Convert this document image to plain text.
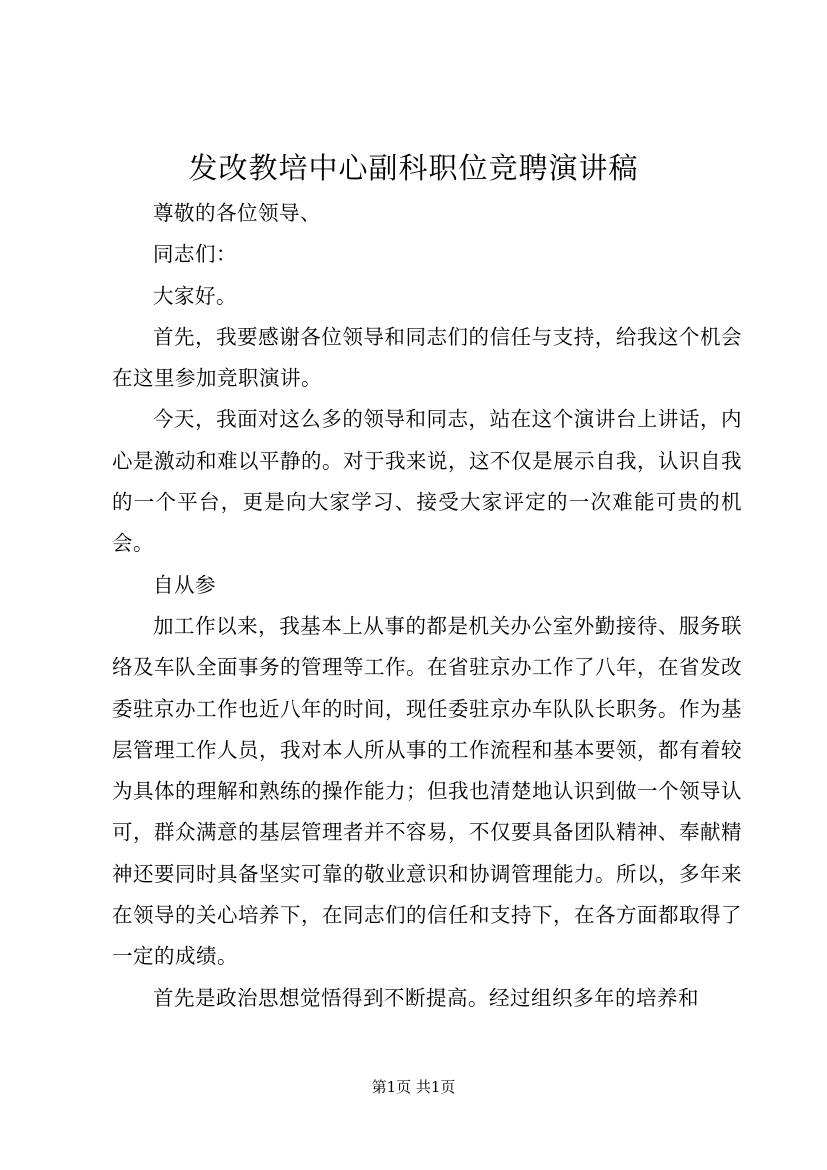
发改教培中心副科职位竞聘演讲稿

尊敬的各位领导、

同志们：

大家好。

首先，我要感谢各位领导和同志们的信任与支持，给我这个机会在这里参加竞职演讲。

今天，我面对这么多的领导和同志，站在这个演讲台上讲话，内心是激动和难以平静的。对于我来说，这不仅是展示自我，认识自我的一个平台，更是向大家学习、接受大家评定的一次难能可贵的机会。

自从参

加工作以来，我基本上从事的都是机关办公室外勤接待、服务联络及车队全面事务的管理等工作。在省驻京办工作了八年，在省发改委驻京办工作也近八年的时间，现任委驻京办车队队长职务。作为基层管理工作人员，我对本人所从事的工作流程和基本要领，都有着较为具体的理解和熟练的操作能力；但我也清楚地认识到做一个领导认可，群众满意的基层管理者并不容易，不仅要具备团队精神、奉献精神还要同时具备坚实可靠的敬业意识和协调管理能力。所以，多年来在领导的关心培养下，在同志们的信任和支持下，在各方面都取得了一定的成绩。

首先是政治思想觉悟得到不断提高。经过组织多年的培养和

第1页 共1页
